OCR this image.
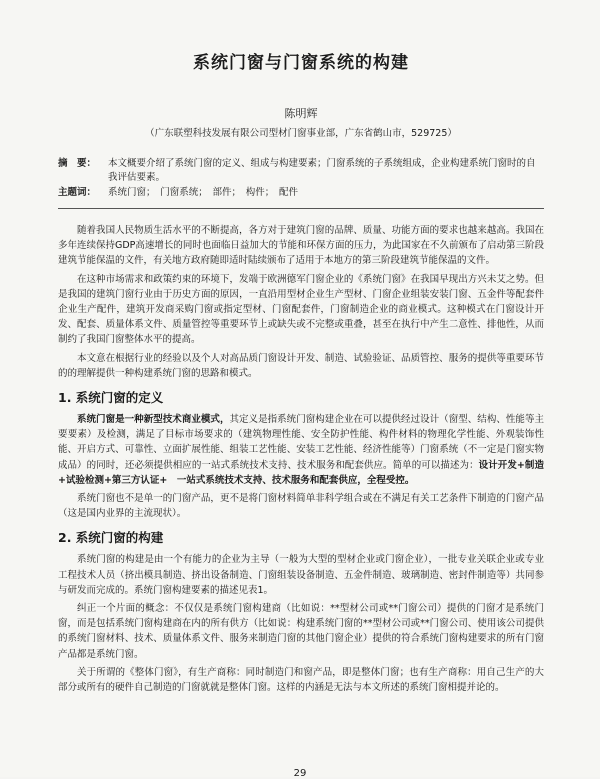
系统门窗与门窗系统的构建
陈明辉
（广东联塑科技发展有限公司型材门窗事业部，广东省鹤山市，529725）
摘　要：	本文概要介绍了系统门窗的定义、组成与构建要素；门窗系统的子系统组成，企业构建系统门窗时的自我评估要素。
主题词：	系统门窗；　门窗系统；　部件；　构件；　配件

随着我国人民物质生活水平的不断提高，各方对于建筑门窗的品牌、质量、功能方面的要求也越来越高。我国在多年连续保持GDP高速增长的同时也面临日益加大的节能和环保方面的压力，为此国家在不久前颁布了启动第三阶段建筑节能保温的文件，有关地方政府随即适时陆续颁布了适用于本地方的第三阶段建筑节能保温的文件。

在这种市场需求和政策约束的环境下，发端于欧洲德军门窗企业的《系统门窗》在我国早现出方兴未艾之势。但是我国的建筑门窗行业由于历史方面的原因，一直沿用型材企业生产型材、门窗企业组装安装门窗、五金件等配套件企业生产配件，建筑开发商采购门窗或指定型材、门窗配套件，门窗制造企业的商业模式。这种模式在门窗设计开发、配套、质量体系文件、质量管控等重要环节上或缺失或不完整或重叠，甚至在执行中产生二意性、排他性，从而制约了我国门窗整体水平的提高。

本文意在根据行业的经验以及个人对高品质门窗设计开发、制造、试验验证、品质管控、服务的提供等重要环节的的理解提供一种构建系统门窗的思路和模式。

1. 系统门窗的定义

系统门窗是一种新型技术商业模式，其定义是指系统门窗构建企业在可以提供经过设计（窗型、结构、性能等主要要素）及检测，满足了目标市场要求的（建筑物理性能、安全防护性能、构件材料的物理化学性能、外观装饰性能、开启方式、可靠性、立面扩展性能、组装工艺性能、安装工艺性能、经济性能等）门窗系统（不一定是门窗实物成品）的同时，还必须提供相应的一站式系统技术支持、技术服务和配套供应。简单的可以描述为：设计开发+制造+试验检测+第三方认证+　一站式系统技术支持、技术服务和配套供应，全程受控。

系统门窗也不是单一的门窗产品，更不是将门窗材料简单非科学组合或在不满足有关工艺条件下制造的门窗产品（这是国内业界的主流现状）。

2. 系统门窗的构建

系统门窗的构建是由一个有能力的企业为主导（一般为大型的型材企业或门窗企业），一批专业关联企业或专业工程技术人员（挤出模具制造、挤出设备制造、门窗组装设备制造、五金件制造、玻璃制造、密封件制造等）共同参与研发而完成的。系统门窗构建要素的描述见表1。

纠正一个片面的概念：不仅仅是系统门窗构建商（比如说：**型材公司或**门窗公司）提供的门窗才是系统门窗，而是包括系统门窗构建商在内的所有供方（比如说：构建系统门窗的**型材公司或**门窗公司、使用该公司提供的系统门窗材料、技术、质量体系文件、服务来制造门窗的其他门窗企业）提供的符合系统门窗构建要求的所有门窗产品都是系统门窗。

关于所谓的《整体门窗》，有生产商称：同时制造门和窗产品，即是整体门窗；也有生产商称：用自己生产的大部分或所有的硬件自己制造的门窗就就是整体门窗。这样的内涵是无法与本文所述的系统门窗相提并论的。

29
